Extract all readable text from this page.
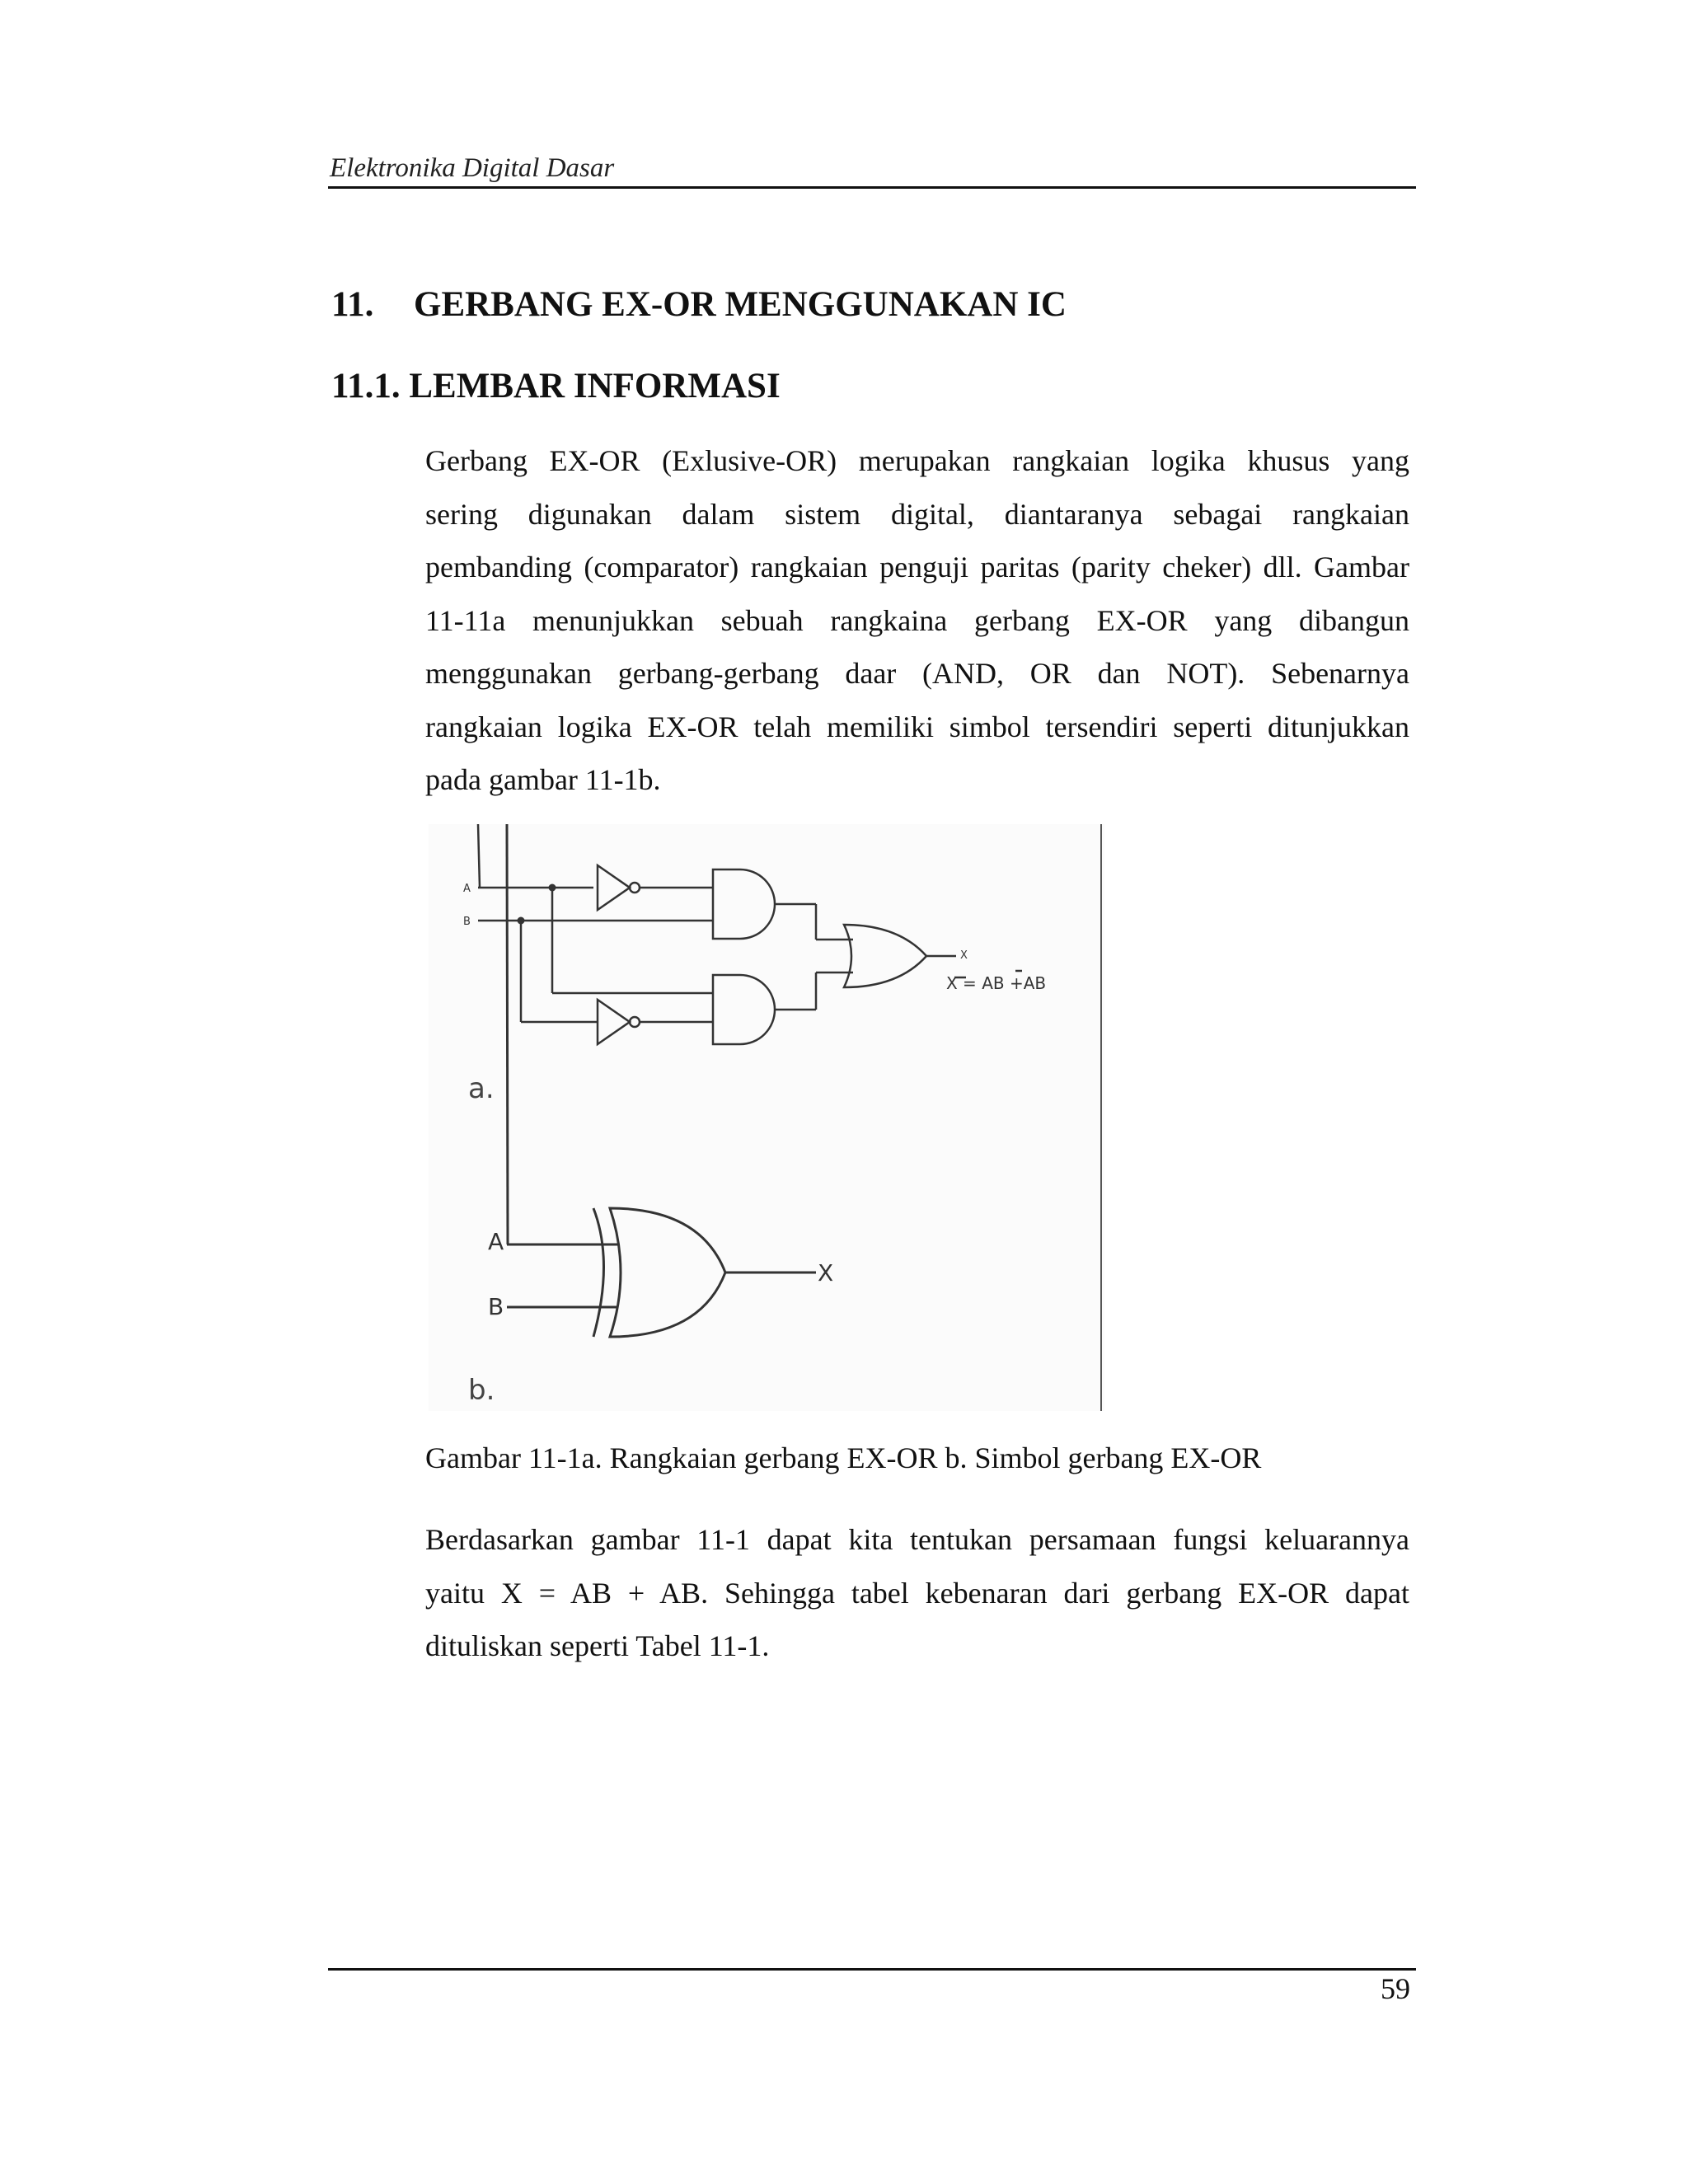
Elektronika Digital Dasar
11. GERBANG EX-OR MENGGUNAKAN IC
11.1. LEMBAR INFORMASI
Gerbang EX-OR (Exlusive-OR) merupakan rangkaian logika khusus yang
sering digunakan dalam sistem digital, diantaranya sebagai rangkaian
pembanding (comparator) rangkaian penguji paritas (parity cheker) dll. Gambar
11-11a menunjukkan sebuah rangkaina gerbang EX-OR yang dibangun
menggunakan gerbang-gerbang daar (AND, OR dan NOT). Sebenarnya
rangkaian logika EX-OR telah memiliki simbol tersendiri seperti ditunjukkan
pada gambar 11-1b.
A
B
X
X = AB +AB
a.
A
B
X
b.
Gambar 11-1a. Rangkaian gerbang EX-OR b. Simbol gerbang EX-OR
Berdasarkan gambar 11-1 dapat kita tentukan persamaan fungsi keluarannya
yaitu X = AB + AB. Sehingga tabel kebenaran dari gerbang EX-OR dapat
dituliskan seperti Tabel 11-1.
59
